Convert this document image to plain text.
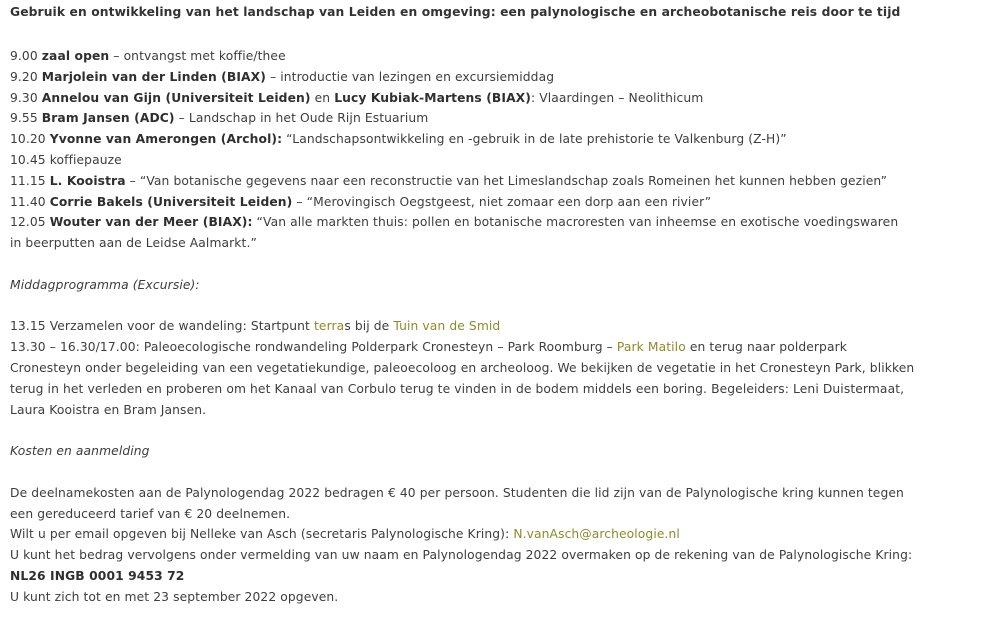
Gebruik en ontwikkeling van het landschap van Leiden en omgeving: een palynologische en archeobotanische reis door te tijd

9.00 zaal open – ontvangst met koffie/thee
9.20 Marjolein van der Linden (BIAX) – introductie van lezingen en excursiemiddag
9.30 Annelou van Gijn (Universiteit Leiden) en Lucy Kubiak-Martens (BIAX): Vlaardingen – Neolithicum
9.55 Bram Jansen (ADC) – Landschap in het Oude Rijn Estuarium
10.20 Yvonne van Amerongen (Archol): “Landschapsontwikkeling en -gebruik in de late prehistorie te Valkenburg (Z-H)”
10.45 koffiepauze
11.15 L. Kooistra – “Van botanische gegevens naar een reconstructie van het Limeslandschap zoals Romeinen het kunnen hebben gezien”
11.40 Corrie Bakels (Universiteit Leiden) – “Merovingisch Oegstgeest, niet zomaar een dorp aan een rivier”
12.05 Wouter van der Meer (BIAX): “Van alle markten thuis: pollen en botanische macroresten van inheemse en exotische voedingswaren in beerputten aan de Leidse Aalmarkt.”
Middagprogramma (Excursie):
13.15 Verzamelen voor de wandeling: Startpunt terras bij de Tuin van de Smid
13.30 – 16.30/17.00: Paleoecologische rondwandeling Polderpark Cronesteyn – Park Roomburg – Park Matilo en terug naar polderpark Cronesteyn onder begeleiding van een vegetatiekundige, paleoecoloog en archeoloog. We bekijken de vegetatie in het Cronesteyn Park, blikken terug in het verleden en proberen om het Kanaal van Corbulo terug te vinden in de bodem middels een boring. Begeleiders: Leni Duistermaat, Laura Kooistra en Bram Jansen.
Kosten en aanmelding
De deelnamekosten aan de Palynologendag 2022 bedragen € 40 per persoon. Studenten die lid zijn van de Palynologische kring kunnen tegen een gereduceerd tarief van € 20 deelnemen.
Wilt u per email opgeven bij Nelleke van Asch (secretaris Palynologische Kring): N.vanAsch@archeologie.nl
U kunt het bedrag vervolgens onder vermelding van uw naam en Palynologendag 2022 overmaken op de rekening van de Palynologische Kring:
NL26 INGB 0001 9453 72
U kunt zich tot en met 23 september 2022 opgeven.
